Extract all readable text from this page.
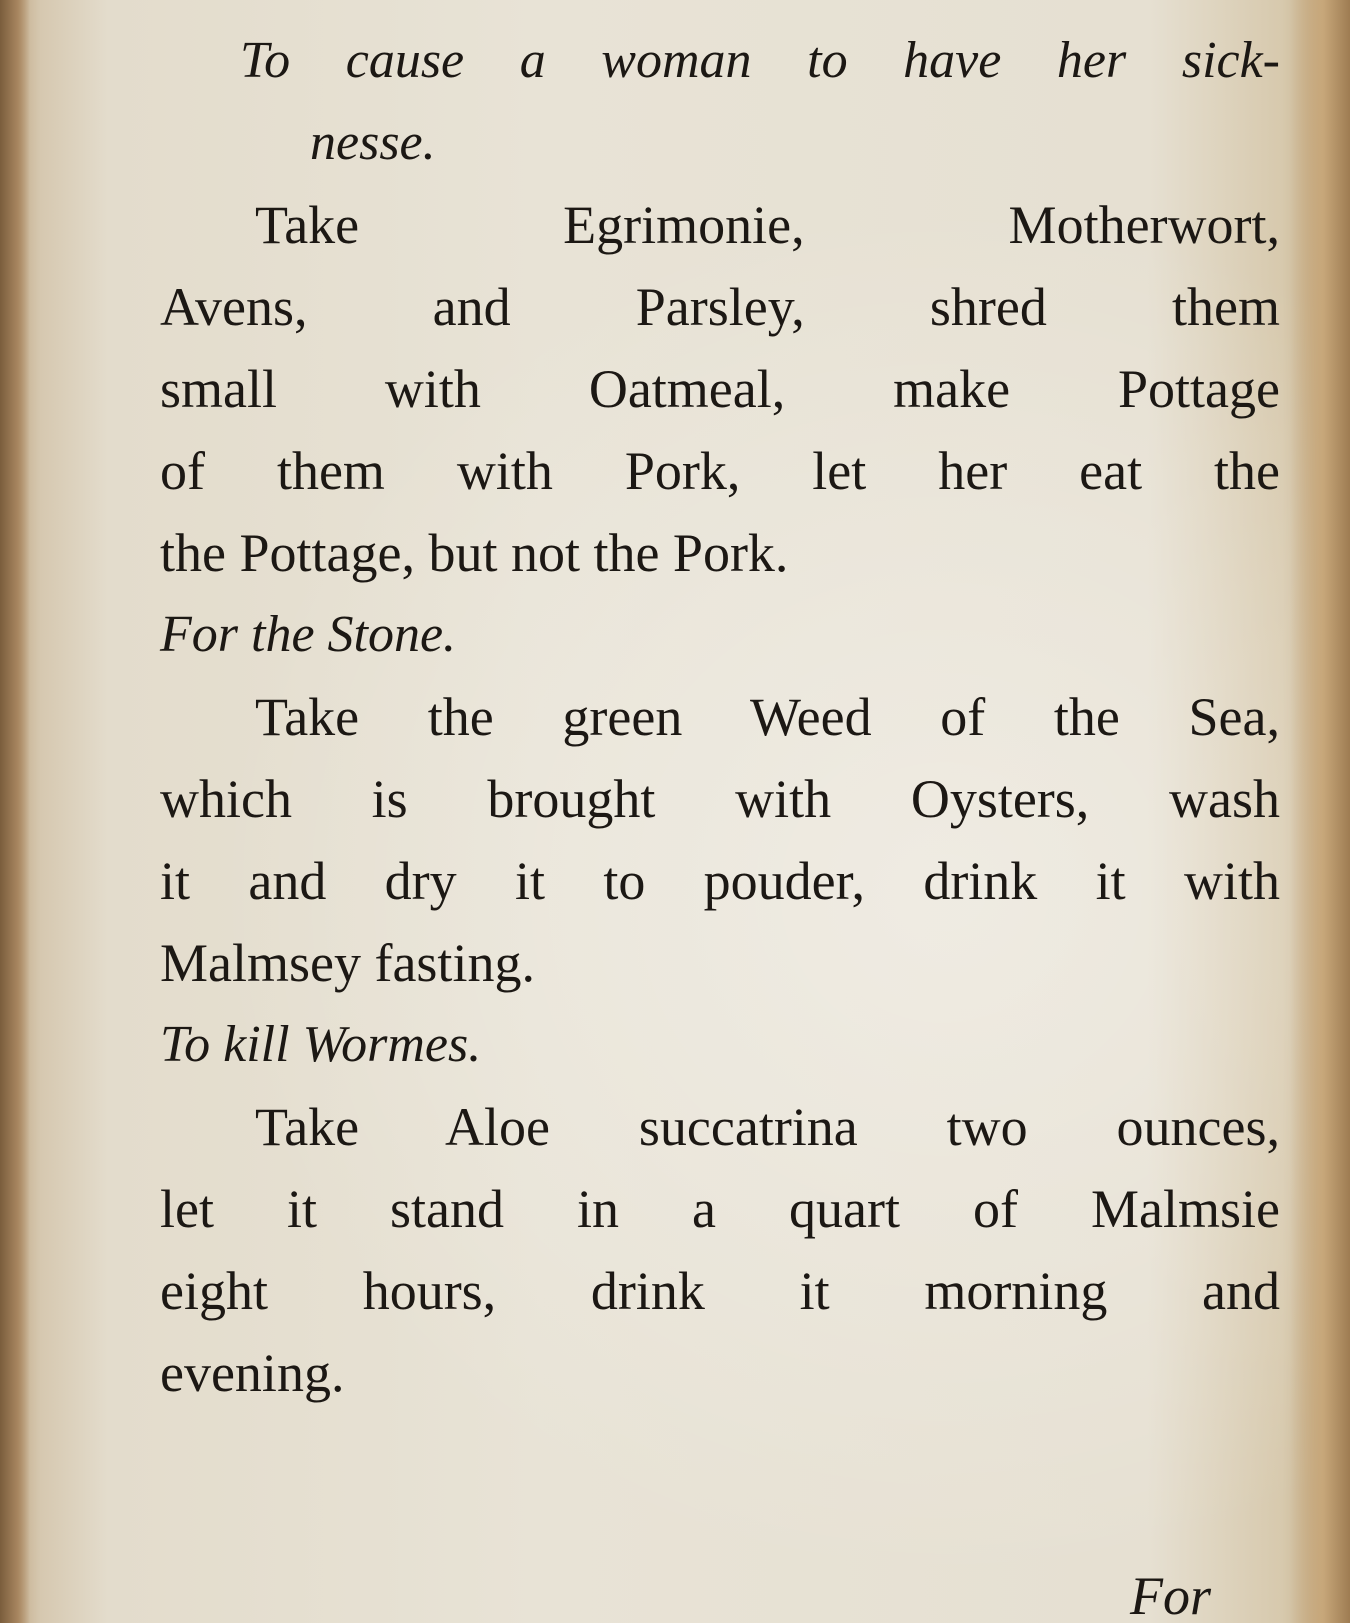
To cause a woman to have her sick-
nesse.

Take Egrimonie, Motherwort,
Avens, and Parsley, shred them
small with Oatmeal, make Pottage
of them with Pork, let her eat the
the Pottage, but not the Pork.

For the Stone.

Take the green Weed of the Sea,
which is brought with Oysters, wash
it and dry it to pouder, drink it with
Malmsey fasting.

To kill Wormes.

Take Aloe succatrina two ounces,
let it stand in a quart of Malmsie
eight hours, drink it morning and
evening.

For
